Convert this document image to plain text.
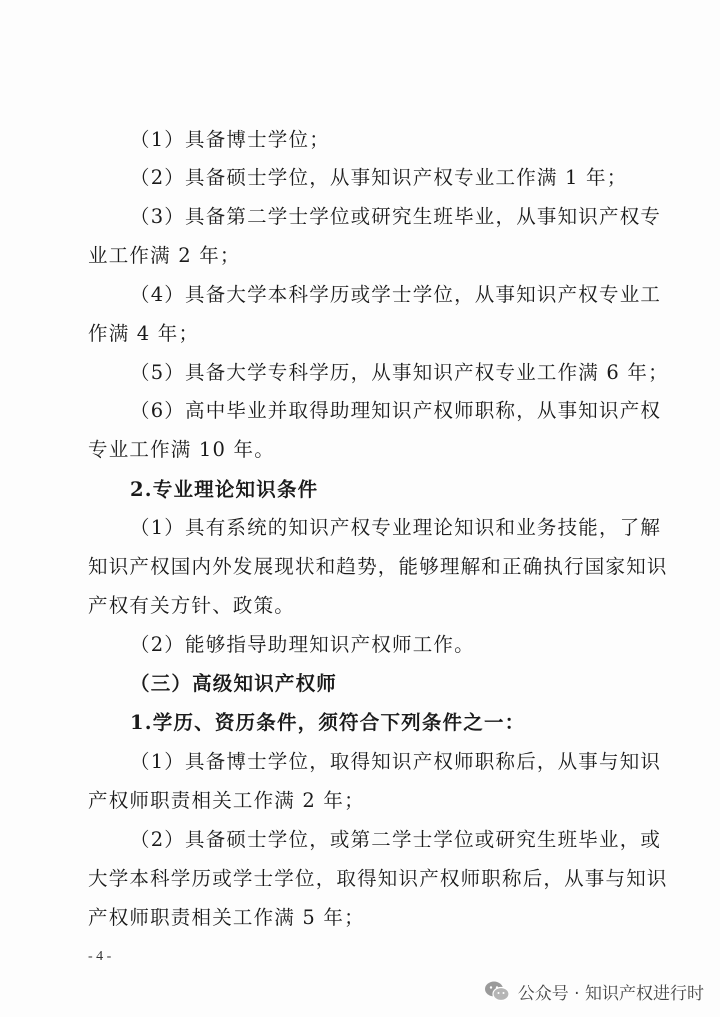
（1）具备博士学位；
（2）具备硕士学位，从事知识产权专业工作满 1 年；
（3）具备第二学士学位或研究生班毕业，从事知识产权专
业工作满 2 年；
（4）具备大学本科学历或学士学位，从事知识产权专业工
作满 4 年；
（5）具备大学专科学历，从事知识产权专业工作满 6 年；
（6）高中毕业并取得助理知识产权师职称，从事知识产权
专业工作满 10 年。
2.专业理论知识条件
（1）具有系统的知识产权专业理论知识和业务技能，了解
知识产权国内外发展现状和趋势，能够理解和正确执行国家知识
产权有关方针、政策。
（2）能够指导助理知识产权师工作。
（三）高级知识产权师
1.学历、资历条件，须符合下列条件之一：
（1）具备博士学位，取得知识产权师职称后，从事与知识
产权师职责相关工作满 2 年；
（2）具备硕士学位，或第二学士学位或研究生班毕业，或
大学本科学历或学士学位，取得知识产权师职称后，从事与知识
产权师职责相关工作满 5 年；
- 4 -
公众号 · 知识产权进行时
